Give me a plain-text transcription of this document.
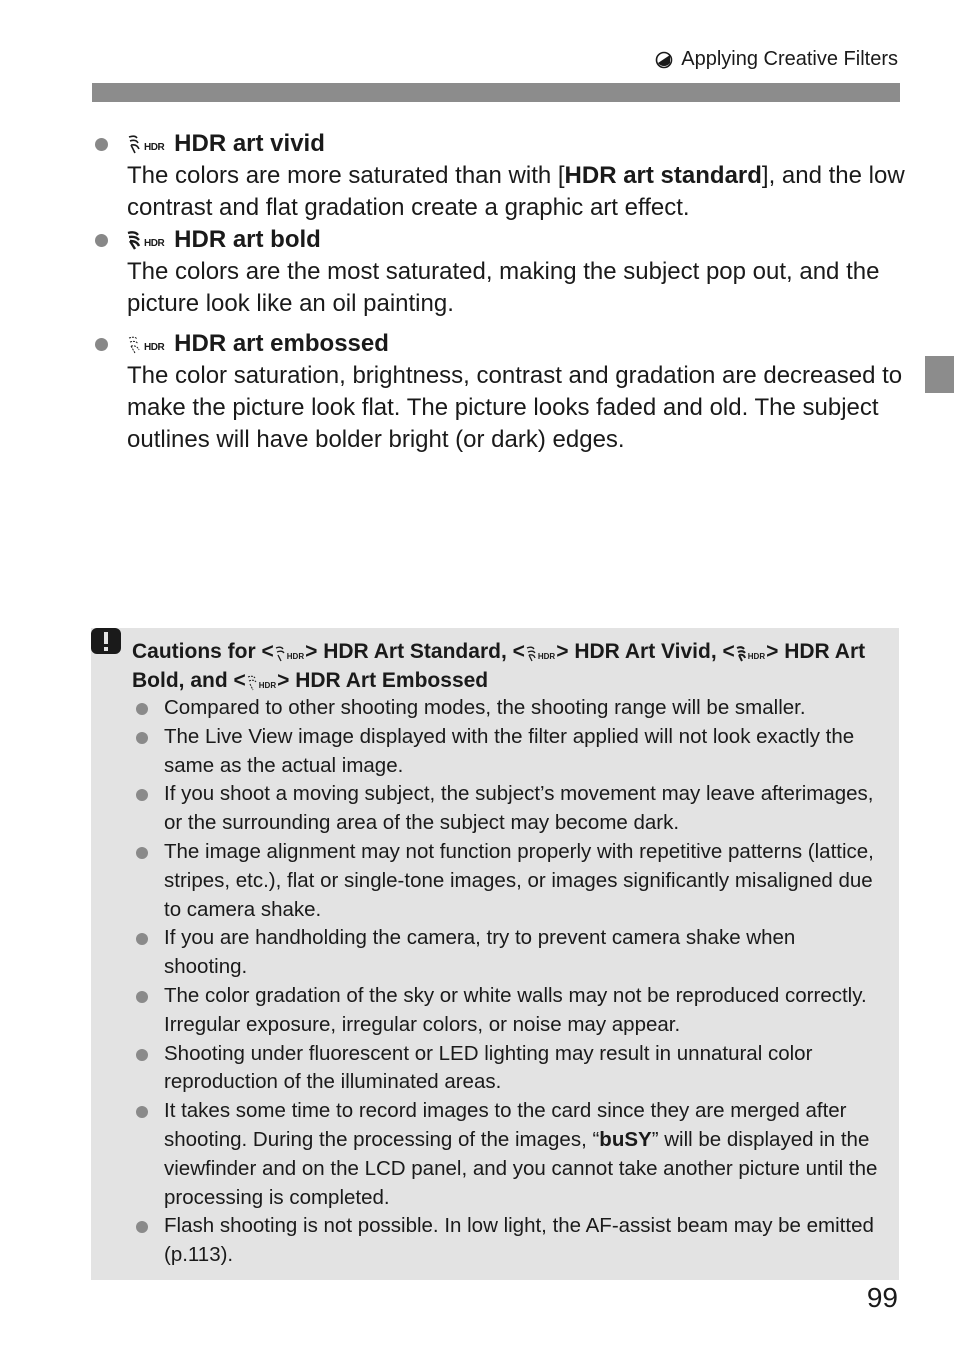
Applying Creative Filters
HDR HDR art vivid
The colors are more saturated than with [HDR art standard], and the low contrast and flat gradation create a graphic art effect.
HDR HDR art bold
The colors are the most saturated, making the subject pop out, and the picture look like an oil painting.
HDR HDR art embossed
The color saturation, brightness, contrast and gradation are decreased to make the picture look flat. The picture looks faded and old. The subject outlines will have bolder bright (or dark) edges.
Cautions for < HDR > HDR Art Standard, < HDR > HDR Art Vivid, < HDR > HDR Art Bold, and < HDR > HDR Art Embossed
Compared to other shooting modes, the shooting range will be smaller.
The Live View image displayed with the filter applied will not look exactly the same as the actual image.
If you shoot a moving subject, the subject’s movement may leave afterimages, or the surrounding area of the subject may become dark.
The image alignment may not function properly with repetitive patterns (lattice, stripes, etc.), flat or single-tone images, or images significantly misaligned due to camera shake.
If you are handholding the camera, try to prevent camera shake when shooting.
The color gradation of the sky or white walls may not be reproduced correctly. Irregular exposure, irregular colors, or noise may appear.
Shooting under fluorescent or LED lighting may result in unnatural color reproduction of the illuminated areas.
It takes some time to record images to the card since they are merged after shooting. During the processing of the images, “buSY” will be displayed in the viewfinder and on the LCD panel, and you cannot take another picture until the processing is completed.
Flash shooting is not possible. In low light, the AF-assist beam may be emitted (p.113).
99
